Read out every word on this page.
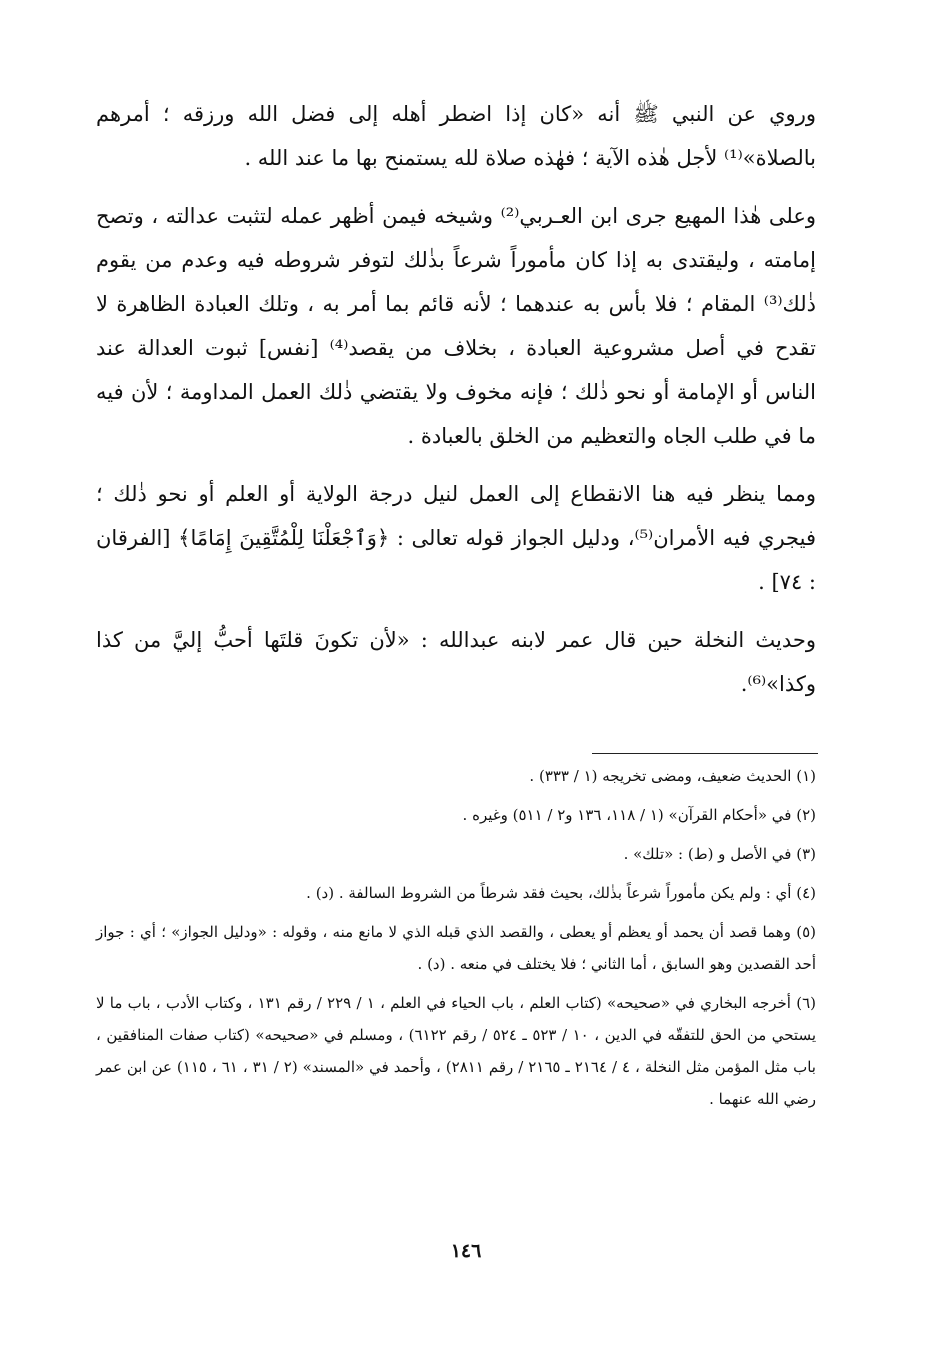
وروي عن النبي ﷺ أنه «كان إذا اضطر أهله إلى فضل الله ورزقه ؛ أمرهم بالصلاة»⁽¹⁾ لأجل هٰذه الآية ؛ فهٰذه صلاة لله يستمنح بها ما عند الله .

وعلى هٰذا المهيع جرى ابن العـربي⁽²⁾ وشيخه فيمن أظهر عمله لتثبت عدالته ، وتصح إمامته ، وليقتدى به إذا كان مأموراً شرعاً بذٰلك لتوفر شروطه فيه وعدم من يقوم ذٰلك⁽³⁾ المقام ؛ فلا بأس به عندهما ؛ لأنه قائم بما أمر به ، وتلك العبادة الظاهرة لا تقدح في أصل مشروعية العبادة ، بخلاف من يقصد⁽⁴⁾ [نفس] ثبوت العدالة عند الناس أو الإمامة أو نحو ذٰلك ؛ فإنه مخوف ولا يقتضي ذٰلك العمل المداومة ؛ لأن فيه ما في طلب الجاه والتعظيم من الخلق بالعبادة .

ومما ينظر فيه هنا الانقطاع إلى العمل لنيل درجة الولاية أو العلم أو نحو ذٰلك ؛ فيجري فيه الأمران⁽⁵⁾، ودليل الجواز قوله تعالى : ﴿وَٱجْعَلْنَا لِلْمُتَّقِينَ إِمَامًا﴾ [الفرقان : ٧٤] .

وحديث النخلة حين قال عمر لابنه عبدالله : «لأن تكونَ قلتَها أحبُّ إليَّ من كذا وكذا»⁽⁶⁾.

(١) الحديث ضعيف، ومضى تخريجه (١ / ٣٣٣) .

(٢) في «أحكام القرآن» (١ / ١١٨، ١٣٦ و٢ / ٥١١) وغيره .

(٣) في الأصل و (ط) : «تلك» .

(٤) أي : ولم يكن مأموراً شرعاً بذٰلك، بحيث فقد شرطاً من الشروط السالفة . (د) .

(٥) وهما قصد أن يحمد أو يعظم أو يعطى ، والقصد الذي قبله الذي لا مانع منه ، وقوله : «ودليل الجواز» ؛ أي : جواز أحد القصدين وهو السابق ، أما الثاني ؛ فلا يختلف في منعه . (د) .

(٦) أخرجه البخاري في «صحيحه» (كتاب العلم ، باب الحياء في العلم ، ١ / ٢٢٩ / رقم ١٣١ ، وكتاب الأدب ، باب ما لا يستحي من الحق للتفقّه في الدين ، ١٠ / ٥٢٣ ـ ٥٢٤ / رقم ٦١٢٢) ، ومسلم في «صحيحه» (كتاب صفات المنافقين ، باب مثل المؤمن مثل النخلة ، ٤ / ٢١٦٤ ـ ٢١٦٥ / رقم ٢٨١١) ، وأحمد في «المسند» (٢ / ٣١ ، ٦١ ، ١١٥) عن ابن عمر رضي الله عنهما .

١٤٦
